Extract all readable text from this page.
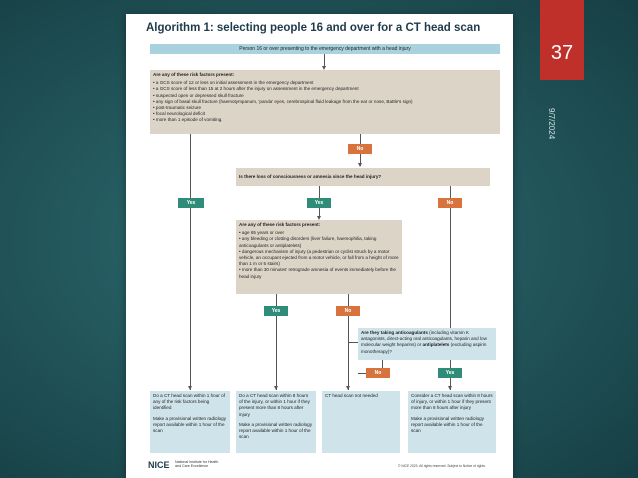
37
9/7/2024
Algorithm 1: selecting people 16 and over for a CT head scan
Person 16 or over presenting to the emergency department with a head injury
Are any of these risk factors present:
• a GCS score of 12 or less on initial assessment in the emergency department
• a GCS score of less than 15 at 2 hours after the injury on assessment in the emergency department
• suspected open or depressed skull fracture
• any sign of basal skull fracture (haemotympanum, 'panda' eyes, cerebrospinal fluid leakage from the ear or nose, Battle's sign)
• post-traumatic seizure
• focal neurological deficit
• more than 1 episode of vomiting.
Yes
No
Is there loss of consciousness or amnesia since the head injury?
Yes	No
Are any of these risk factors present:
• age 65 years or over
• any bleeding or clotting disorders (liver failure, haemophilia, taking anticoagulants or antiplatelets)
• dangerous mechanism of injury (a pedestrian or cyclist struck by a motor vehicle, an occupant ejected from a motor vehicle, or fall from a height of more than 1 m or 5 stairs)
• more than 30 minutes' retrograde amnesia of events immediately before the head injury
Yes	No
Are they taking anticoagulants (including vitamin K antagonists, direct-acting oral anticoagulants, heparin and low molecular weight heparins) or antiplatelets (excluding aspirin monotherapy)?
No	Yes
Do a CT head scan within 1 hour of any of the risk factors being identified
Make a provisional written radiology report available within 1 hour of the scan
Do a CT head scan within 8 hours of the injury, or within 1 hour if they present more than 8 hours after injury
Make a provisional written radiology report available within 1 hour of the scan
CT head scan not needed	Consider a CT head scan within 8 hours of injury, or within 1 hour if they present more than 8 hours after injury
Make a provisional written radiology report available within 1 hour of the scan
NICE National Institute for Health and Care Excellence	© NICE 2023. All rights reserved. Subject to Notice of rights.
